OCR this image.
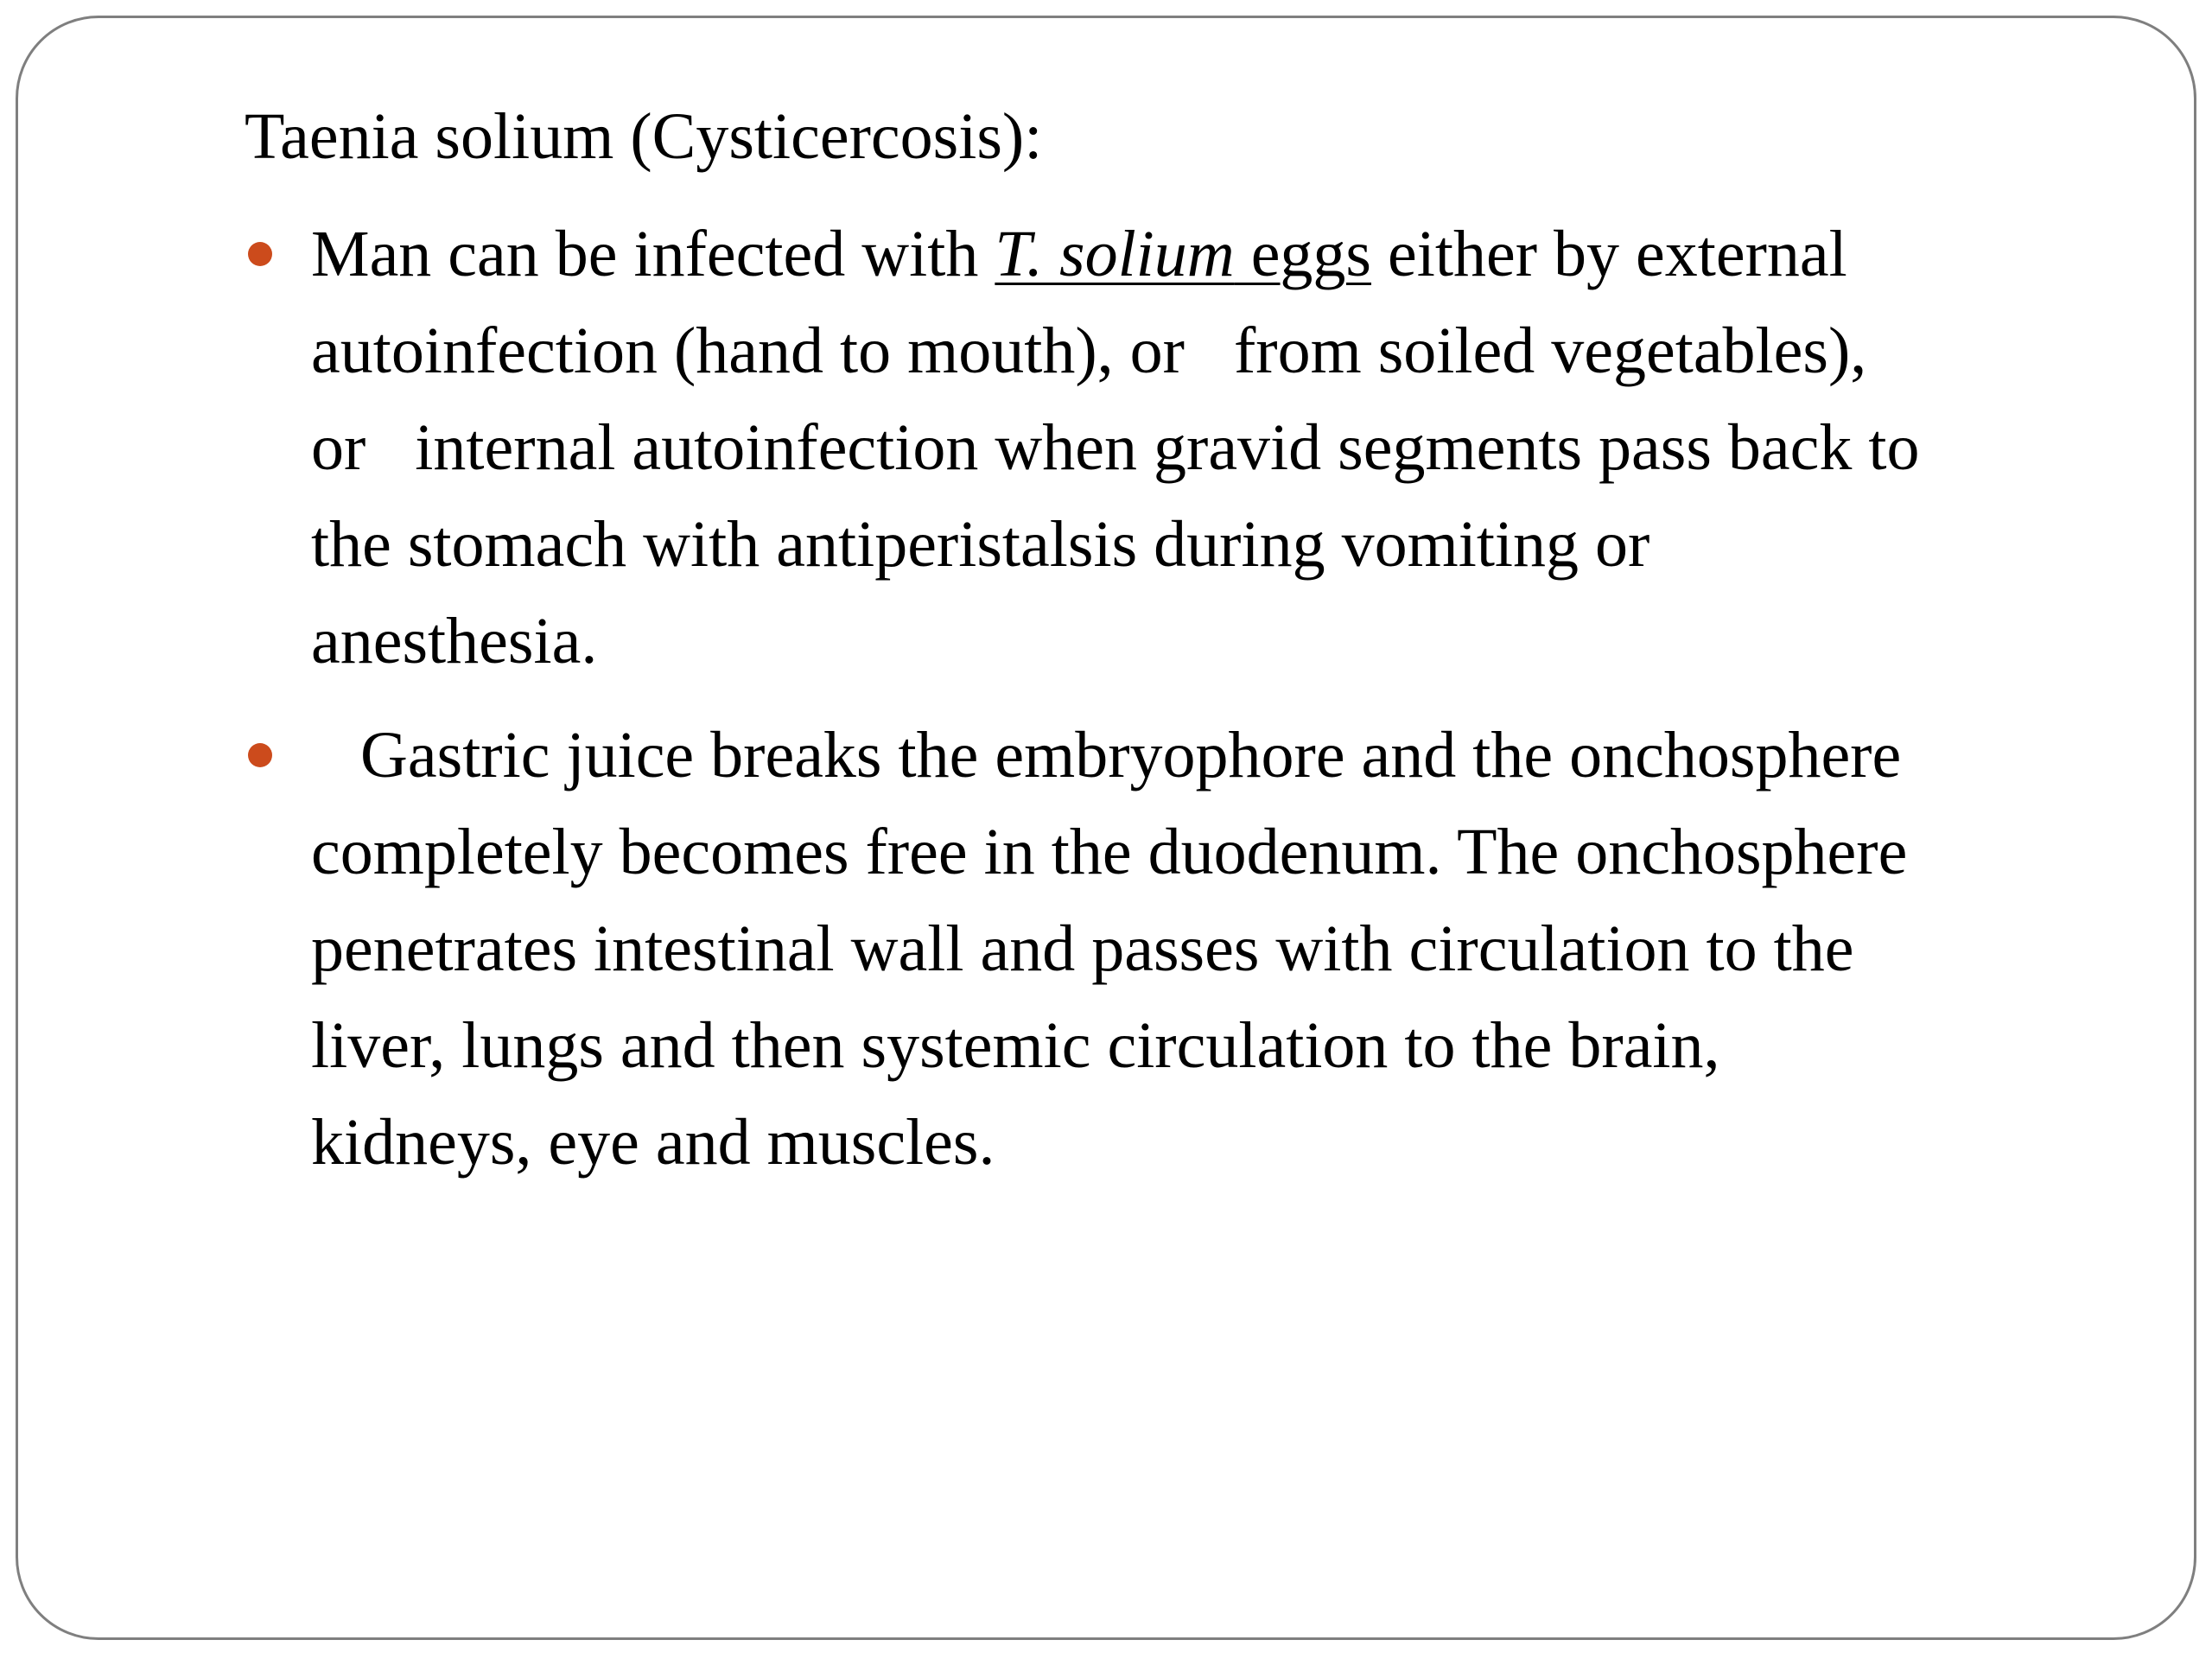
Taenia solium (Cysticercosis):
Man can be infected with T. solium eggs either by external
autoinfection (hand to mouth), or   from soiled vegetables),
or   internal autoinfection when gravid segments pass back to
the stomach with antiperistalsis during vomiting or
anesthesia.
Gastric juice breaks the embryophore and the onchosphere
completely becomes free in the duodenum. The onchosphere
penetrates intestinal wall and passes with circulation to the
liver, lungs and then systemic circulation to the brain,
kidneys, eye and muscles.
